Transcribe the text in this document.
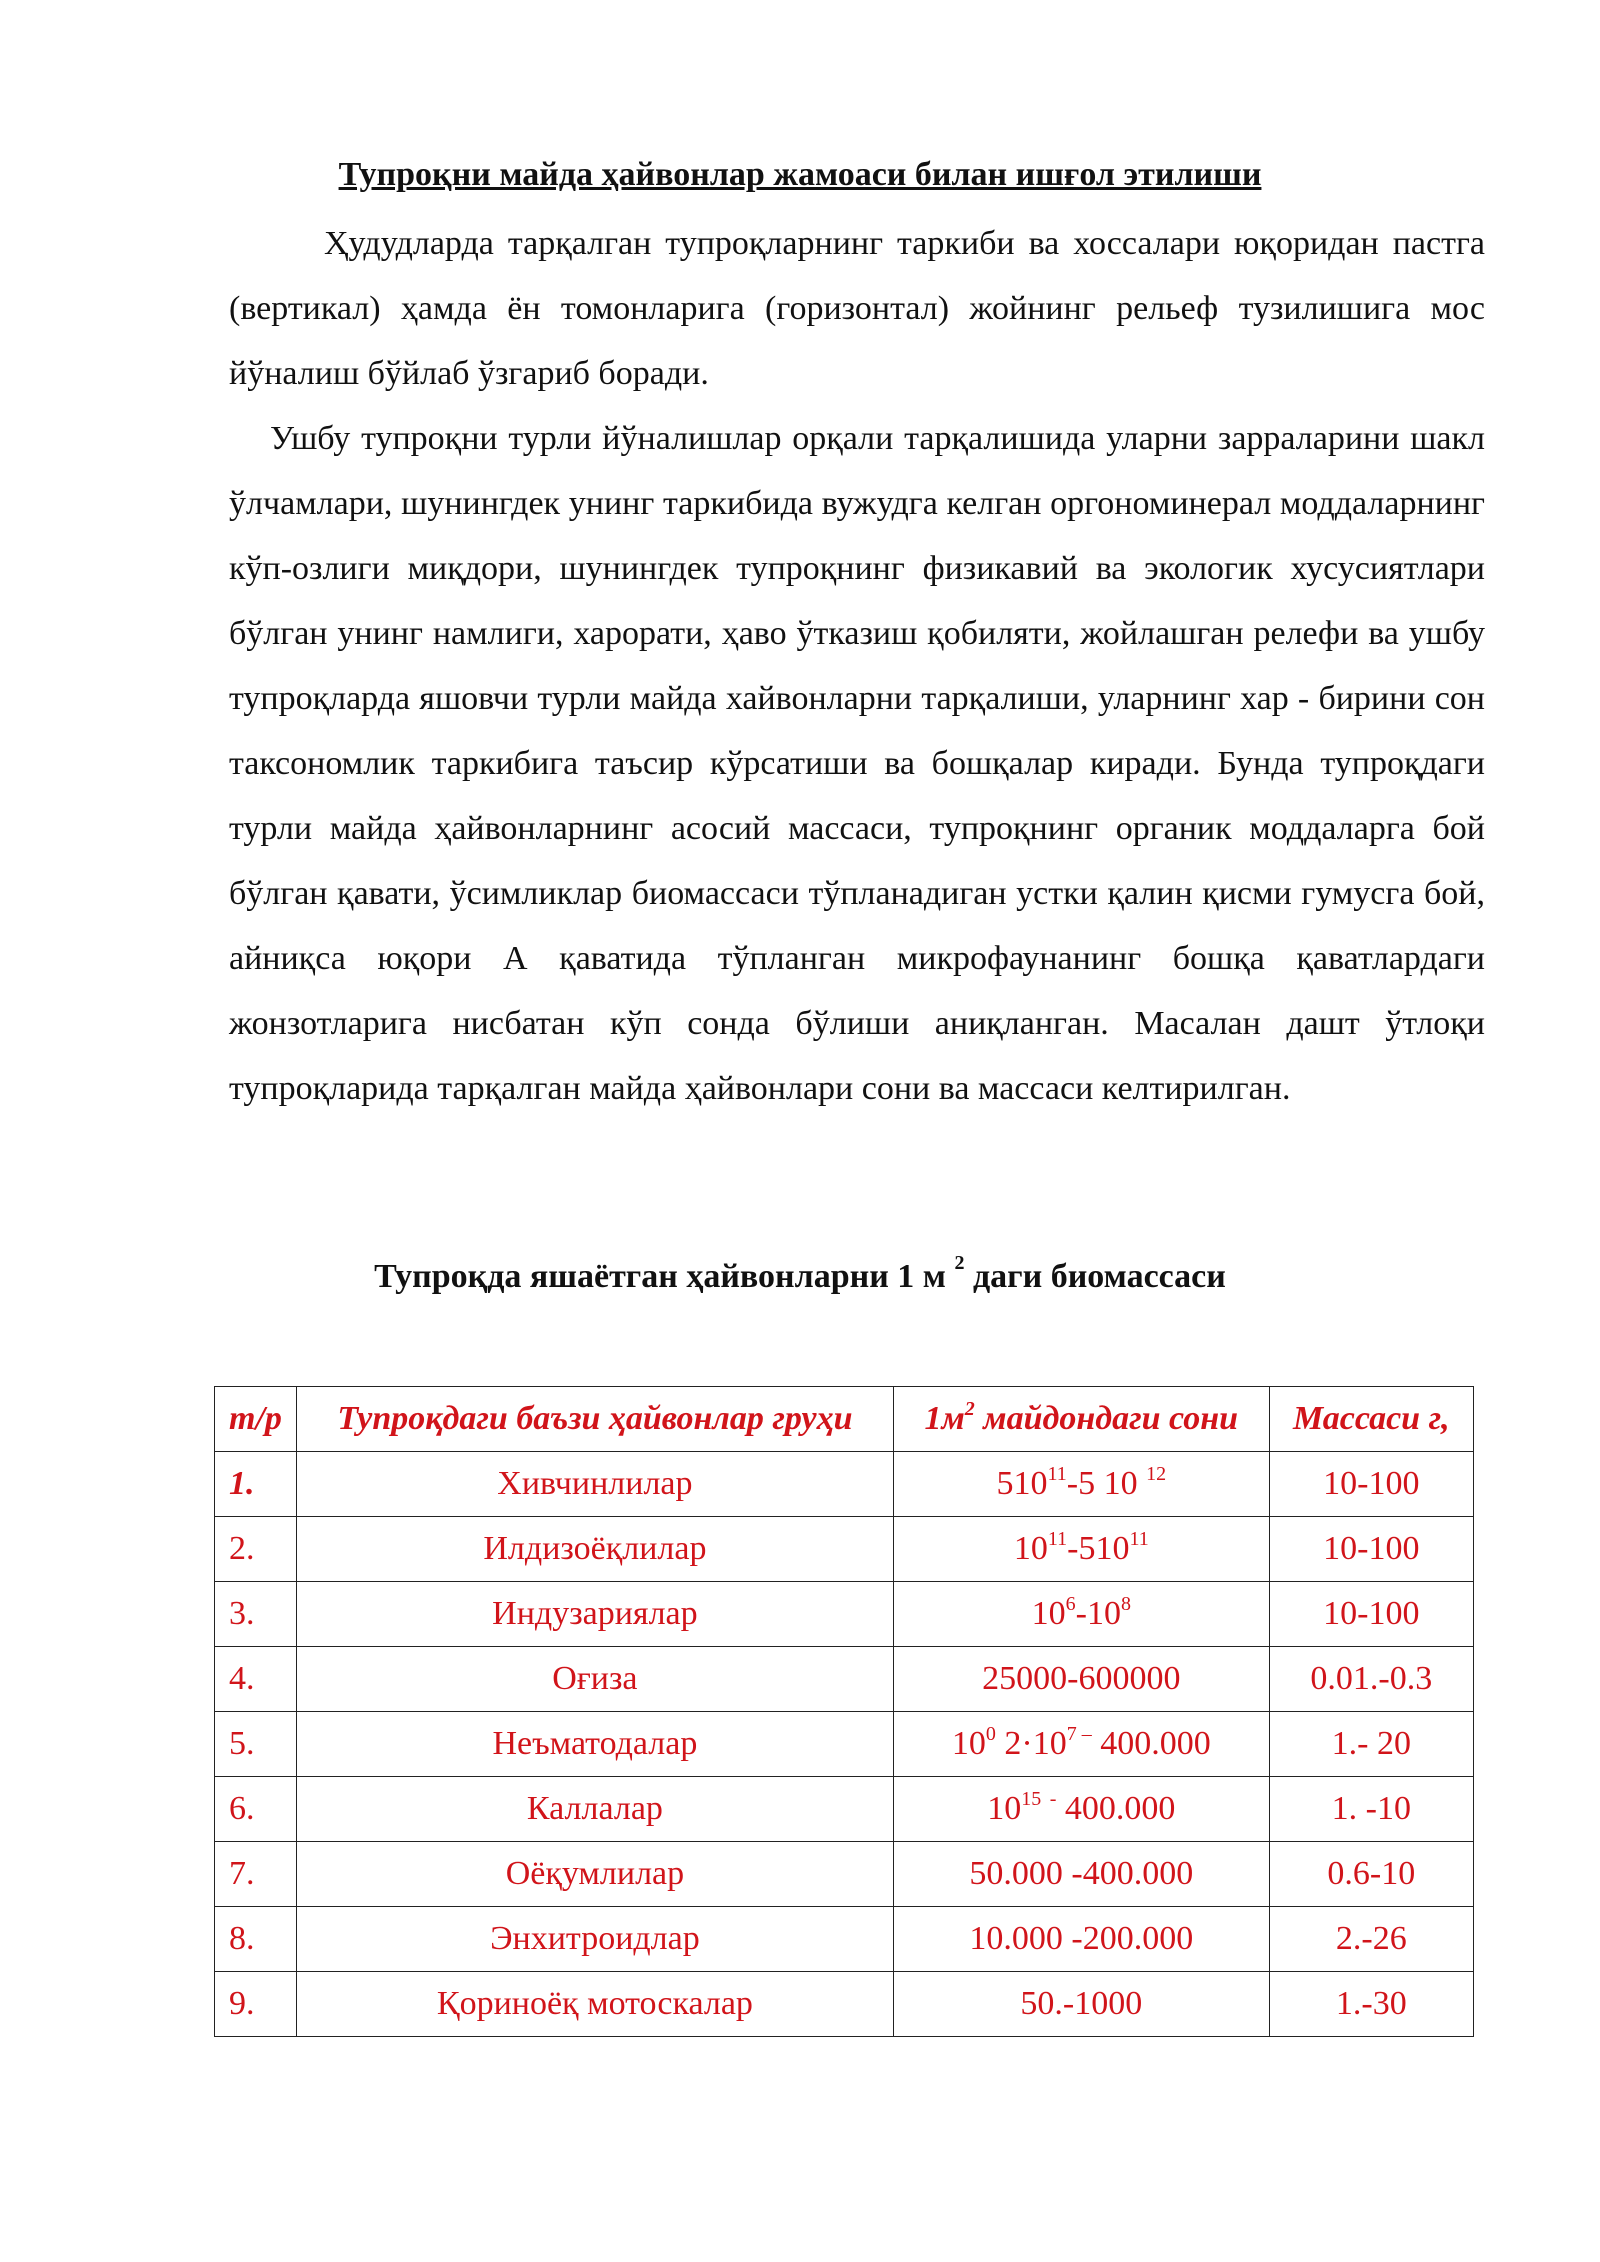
Тупроқни майда ҳайвонлар жамоаси билан ишғол этилиши

Ҳудудларда тарқалган тупроқларнинг таркиби ва хоссалари юқоридан пастга (вертикал) ҳамда ён томонларига (горизонтал) жойнинг рельеф тузилишига мос йўналиш бўйлаб ўзгариб боради.

Ушбу тупроқни турли йўналишлар орқали тарқалишида уларни зарраларини шакл ўлчамлари, шунингдек унинг таркибида вужудга келган оргономинерал моддаларнинг кўп-озлиги миқдори, шунингдек тупроқнинг физикавий ва экологик хусусиятлари бўлган унинг намлиги, харорати, ҳаво ўтказиш қобиляти, жойлашган релефи ва ушбу тупроқларда яшовчи турли майда хайвонларни тарқалиши, уларнинг хар - бирини сон таксономлик таркибига таъсир кўрсатиши ва бошқалар киради. Бунда тупроқдаги турли майда ҳайвонларнинг асосий массаси, тупроқнинг органик моддаларга бой бўлган қавати, ўсимликлар биомассаси тўпланадиган устки қалин қисми гумусга бой, айниқса юқори А қаватида тўпланган микрофаунанинг бошқа қаватлардаги жонзотларига нисбатан кўп сонда бўлиши аниқланган. Масалан дашт ўтлоқи тупроқларида тарқалган майда ҳайвонлари сони ва массаси келтирилган.

Тупроқда яшаётган ҳайвонларни 1 м $^2$ даги биомассаси
т/р	Тупроқдаги баъзи ҳайвонлар груҳи	$1м^2$ майдондаги сони	Массаси г,
1.	Хивчинлилар	$510^{11}-5$ 10 $^{12}$	10-100
2.	Илдизоёқлилар	$10^{11}-510^{11}$	10-100
3.	Индузариялар	$10^6-10^8$	10-100
4.	Оғиза	25000-600000	0.01.-0.3
5.	Неъматодалар	$10^0$ $2\cdot 10^{7 -}$ 400.000	1.- 20
6.	Каллалар	$10^{15}$ - 400.000	1. -10
7.	Оёқумлилар	50.000 -400.000	0.6-10
8.	Энхитроидлар	10.000 -200.000	2.-26
9.	Қориноёқ мотоскалар	50.-1000	1.-30
